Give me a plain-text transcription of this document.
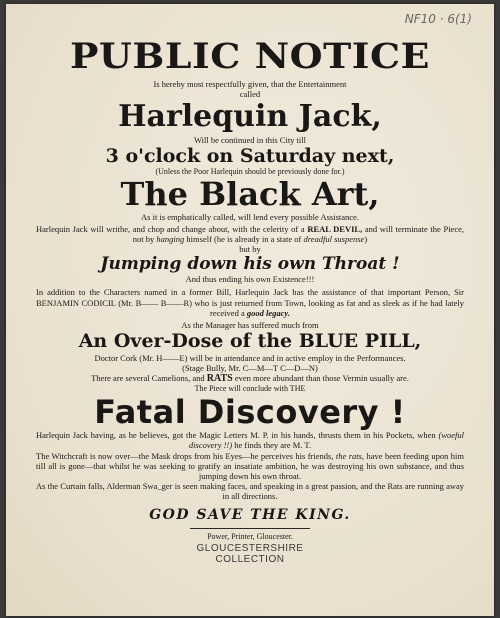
NF10 · 6(1)
PUBLIC NOTICE
Is hereby most respectfully given, that the Entertainment
called
Harlequin Jack,
Will be continued in this City till
3 o'clock on Saturday next,
(Unless the Poor Harlequin should be previously done for.)
The Black Art,
As it is emphatically called, will lend every possible Assistance.

Harlequin Jack will writhe, and chop and change about, with the celerity of a REAL DEVIL, and will terminate the Piece, not by hanging himself (he is already in a state of dreadful suspense)

but by
Jumping down his own Throat !
And thus ending his own Existence!!!

In addition to the Characters named in a former Bill, Harlequin Jack has the assistance of that important Person, Sir BENJAMIN CODICIL (Mr. B—— B——R) who is just returned from Town, looking as fat and as sleek as if he had lately received a good legacy.

As the Manager has suffered much from
An Over-Dose of the BLUE PILL,

Doctor Cork (Mr. H——E) will be in attendance and in active employ in the Performances.

(Stage Bully, Mr. C—M—T C—D—N)
There are several Camelions, and RATS even more abundant than those Vermin usually are.
The Piece will conclude with THE
Fatal Discovery !

Harlequin Jack having, as he believes, got the Magic Letters M. P. in his hands, thrusts them in his Pockets, when (woeful discovery !!) he finds they are M. T.

The Witchcraft is now over—the Mask drops from his Eyes—he perceives his friends, the rats, have been feeding upon him till all is gone—that whilst he was seeking to gratify an insatiate ambition, he was destroying his own substance, and thus jumping down his own throat.

As the Curtain falls, Alderman Swa_ger is seen making faces, and speaking in a great passion, and the Rats are running away in all directions.

GOD SAVE THE KING.
Power, Printer, Gloucester.
GLOUCESTERSHIRE
COLLECTION
